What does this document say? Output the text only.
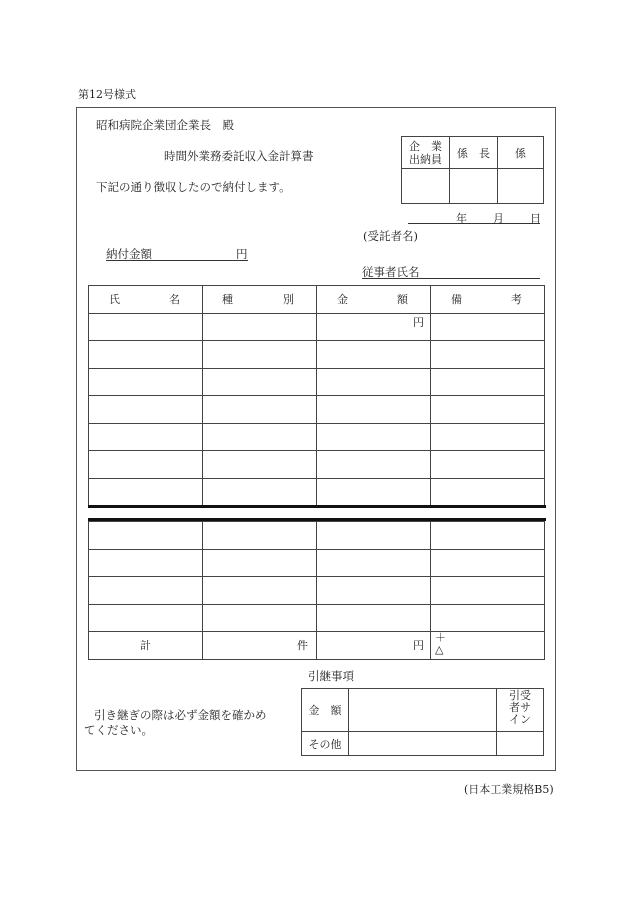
第12号様式
昭和病院企業団企業長　殿
時間外業務委託収入金計算書
下記の通り徴収したので納付します。
企　業
出納員	係　長	係

年 月 日
(受託者名)
納付金額	円
従事者氏名
氏 名	種 別	金 額	備 考

		円	

計	件	円	＋
△
引継事項
引き継ぎの際は必ず金額を確かめてください。
金　額		引受
者サ
イン
その他		
(日本工業規格B5)
